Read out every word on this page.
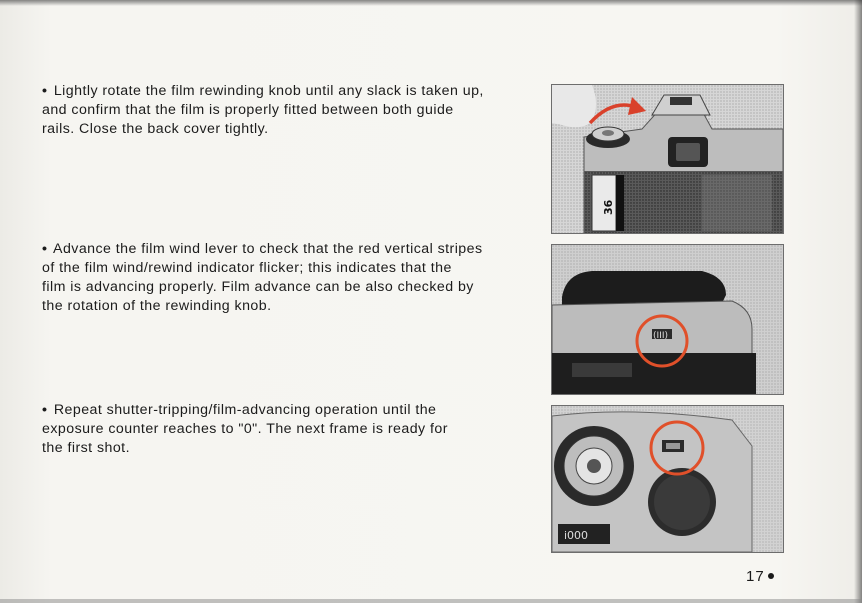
• Lightly rotate the film rewinding knob until any slack is taken up,
and confirm that the film is properly fitted between both guide
rails. Close the back cover tightly.

• Advance the film wind lever to check that the red vertical stripes
of the film wind/rewind indicator flicker; this indicates that the
film is advancing properly. Film advance can be also checked by
the rotation of the rewinding knob.

• Repeat shutter-tripping/film-advancing operation until the
exposure counter reaches to "0". The next frame is ready for
the first shot.

36
(III)
i000
17
